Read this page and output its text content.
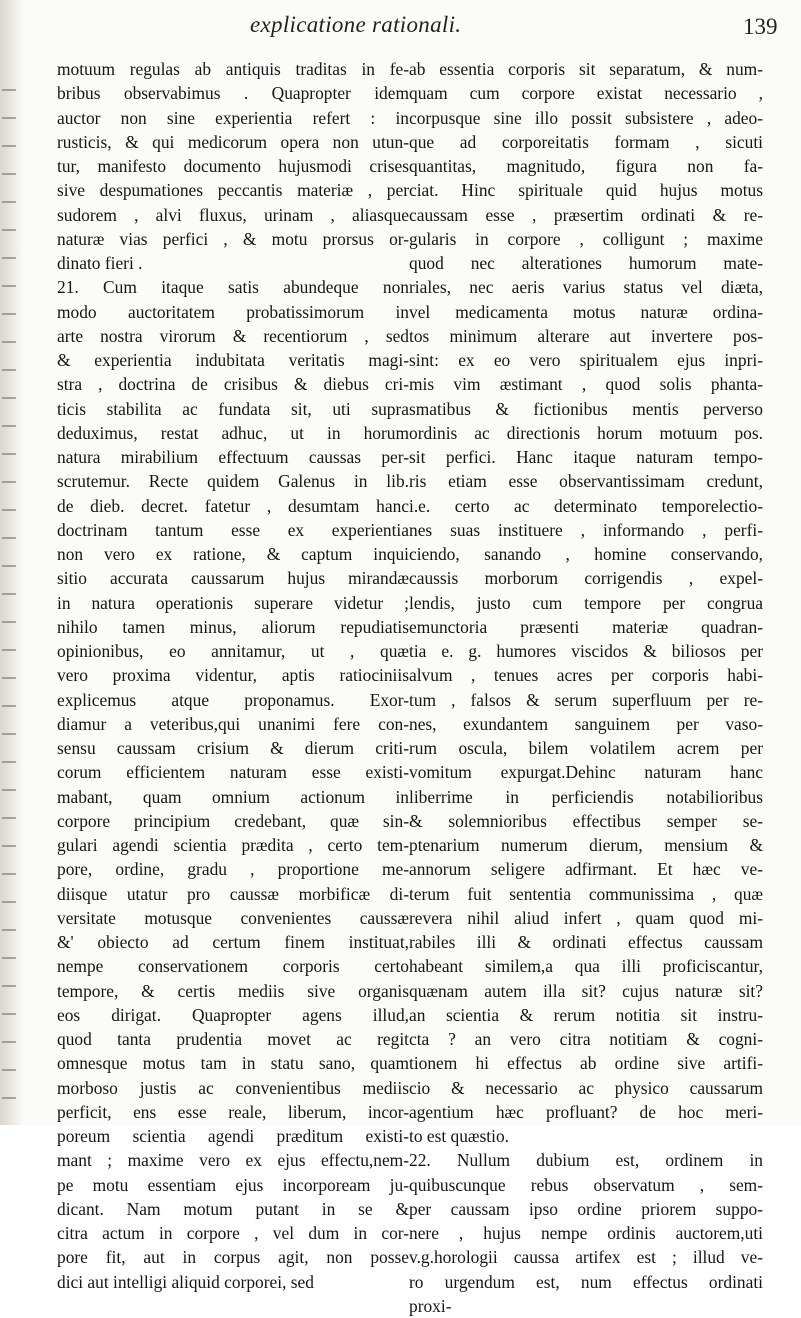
explicatione rationali.	139
motuum regulas ab antiquis traditas in fe-
bribus observabimus . Quapropter idem
auctor non sine experientia refert : in
rusticis, & qui medicorum opera non utun-
tur, manifesto documento hujusmodi crises
sive despumationes peccantis materiæ , per
sudorem , alvi fluxus, urinam , aliasque
naturæ vias perfici , & motu prorsus or-
dinato fieri .
21. Cum itaque satis abundeque non
modo auctoritatem probatissimorum in
arte nostra virorum & recentiorum , sed
& experientia indubitata veritatis magi-
stra , doctrina de crisibus & diebus cri-
ticis stabilita ac fundata sit, uti supra
deduximus, restat adhuc, ut in horum
natura mirabilium effectuum caussas per-
scrutemur. Recte quidem Galenus in lib.
de dieb. decret. fatetur , desumtam hanc
doctrinam tantum esse ex experientia
non vero ex ratione, & captum inqui
sitio accurata caussarum hujus mirandæ
in natura operationis superare videtur ;
nihilo tamen minus, aliorum repudiatis
opinionibus, eo annitamur, ut , quæ
vero proxima videntur, aptis ratiociniis
explicemus atque proponamus. Exor-
diamur a veteribus,qui unanimi fere con-
sensu caussam crisium & dierum criti-
corum efficientem naturam esse existi-
mabant, quam omnium actionum in
corpore principium credebant, quæ sin-
gulari agendi scientia prædita , certo tem-
pore, ordine, gradu , proportione me-
diisque utatur pro caussæ morbificæ di-
versitate motusque convenientes caussæ
&' obiecto ad certum finem instituat,
nempe conservationem corporis certo
tempore, & certis mediis sive organis
eos dirigat. Quapropter agens illud,
quod tanta prudentia movet ac regit
omnesque motus tam in statu sano, quam
morboso justis ac convenientibus mediis
perficit, ens esse reale, liberum, incor-
poreum scientia agendi præditum existi-
mant ; maxime vero ex ejus effectu,nem-
pe motu essentiam ejus incorpoream ju-
dicant. Nam motum putant in se &
citra actum in corpore , vel dum in cor-
pore fit, aut in corpus agit, non posse
dici aut intelligi aliquid corporei, sed
ab essentia corporis sit separatum, & num-
quam cum corpore existat necessario ,
corpusque sine illo possit subsistere , adeo-
que ad corporeitatis formam , sicuti
quantitas, magnitudo, figura non fa-
ciat. Hinc spirituale quid hujus motus
caussam esse , præsertim ordinati & re-
gularis in corpore , colligunt ; maxime
quod nec alterationes humorum mate-
riales, nec aeris varius status vel diæta,
vel medicamenta motus naturæ ordina-
tos minimum alterare aut invertere pos-
sint: ex eo vero spiritualem ejus inpri-
mis vim æstimant , quod solis phanta-
smatibus & fictionibus mentis perverso
ordinis ac directionis horum motuum pos.
sit perfici. Hanc itaque naturam tempo-
ris etiam esse observantissimam credunt,
i.e. certo ac determinato temporelectio-
nes suas instituere , informando , perfi-
ciendo, sanando , homine conservando,
caussis morborum corrigendis , expel-
lendis, justo cum tempore per congrua
emunctoria præsenti materiæ quadran-
tia e. g. humores viscidos & biliosos per
alvum , tenues acres per corporis habi-
tum , falsos & serum superfluum per re-
nes, exundantem sanguinem per vaso-
rum oscula, bilem volatilem acrem per
vomitum expurgat.Dehinc naturam hanc
liberrime in perficiendis notabilioribus
& solemnioribus effectibus semper se-
ptenarium numerum dierum, mensium &
annorum seligere adfirmant. Et hæc ve-
terum fuit sententia communissima , quæ
revera nihil aliud infert , quam quod mi-
rabiles illi & ordinati effectus caussam
habeant similem,a qua illi proficiscantur,
quænam autem illa sit? cujus naturæ sit?
an scientia & rerum notitia sit instru-
cta ? an vero citra notitiam & cogni-
tionem hi effectus ab ordine sive artifi-
cio & necessario ac physico caussarum
agentium hæc profluant? de hoc meri-
to est quæstio.
22. Nullum dubium est, ordinem in
quibuscunque rebus observatum , sem-
per caussam ipso ordine priorem suppo-
nere , hujus nempe ordinis auctorem,uti
v.g.horologii caussa artifex est ; illud ve-
ro urgendum est, num effectus ordinati
proxi-
